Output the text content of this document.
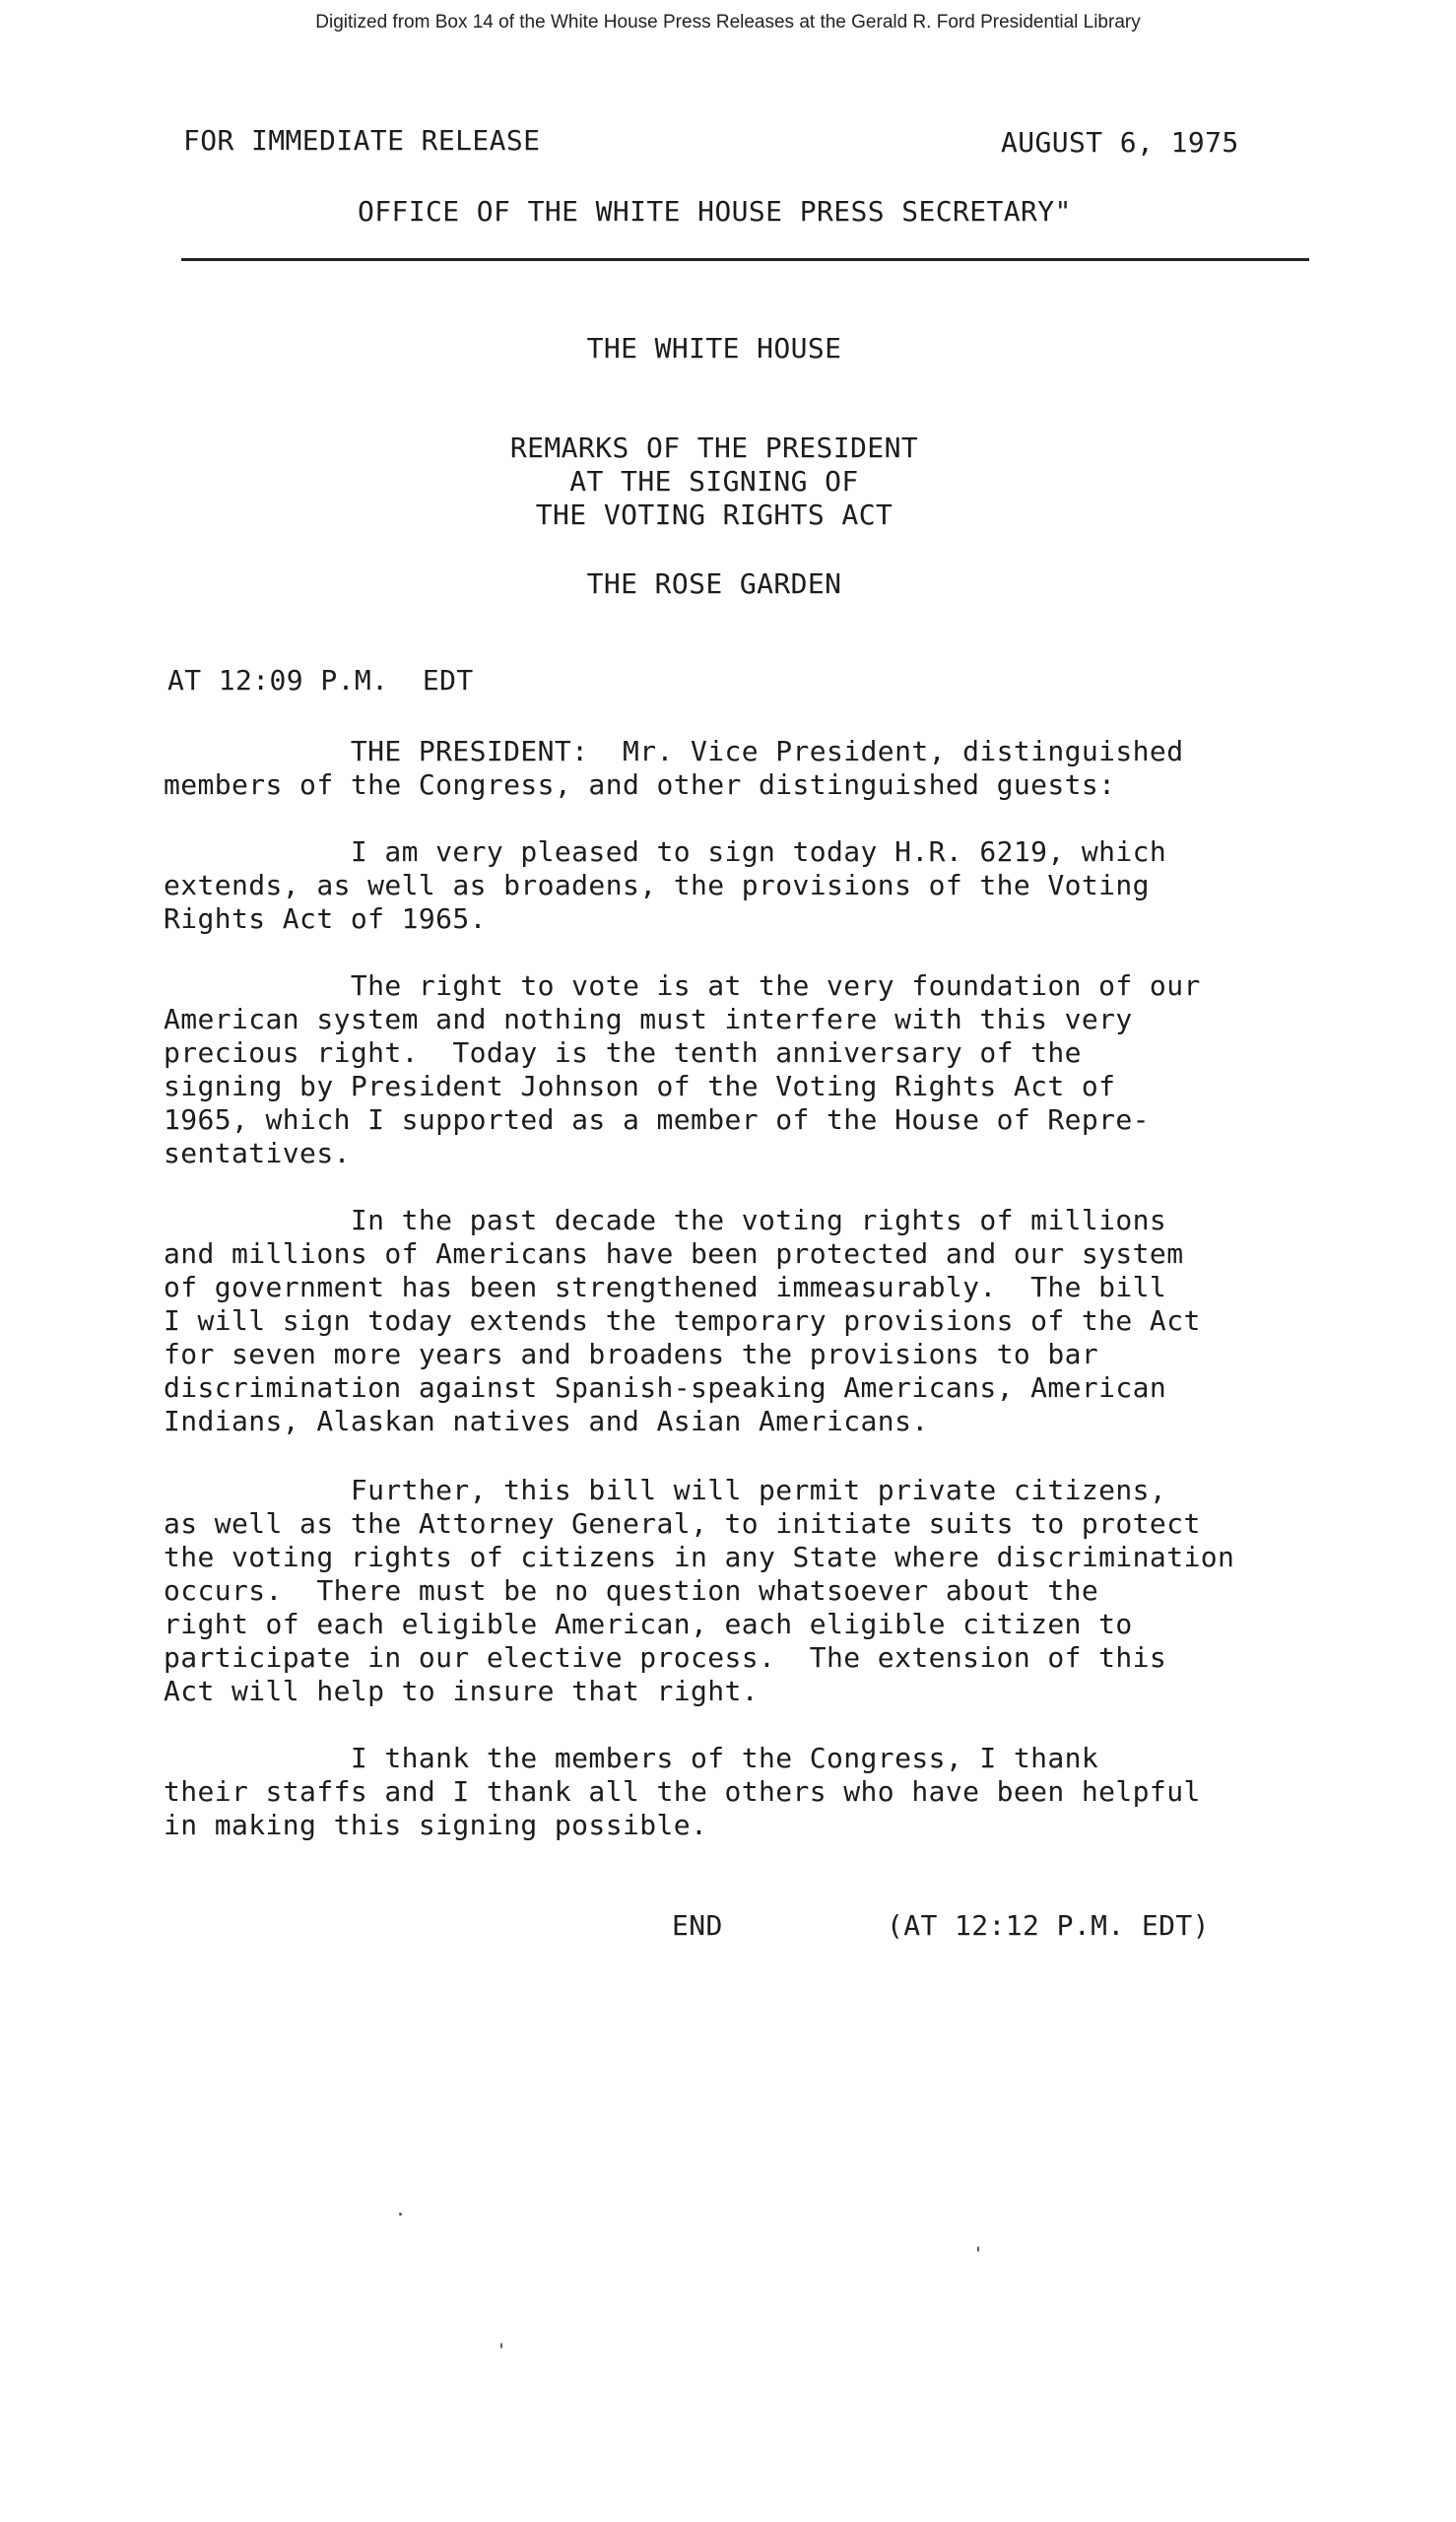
Digitized from Box 14 of the White House Press Releases at the Gerald R. Ford Presidential Library
FOR IMMEDIATE RELEASE	AUGUST 6, 1975
OFFICE OF THE WHITE HOUSE PRESS SECRETARY"
THE WHITE HOUSE
REMARKS OF THE PRESIDENT
AT THE SIGNING OF
THE VOTING RIGHTS ACT
THE ROSE GARDEN
AT 12:09 P.M.  EDT
THE PRESIDENT:  Mr. Vice President, distinguished
members of the Congress, and other distinguished guests:
I am very pleased to sign today H.R. 6219, which
extends, as well as broadens, the provisions of the Voting
Rights Act of 1965.
The right to vote is at the very foundation of our
American system and nothing must interfere with this very
precious right.  Today is the tenth anniversary of the
signing by President Johnson of the Voting Rights Act of
1965, which I supported as a member of the House of Repre-
sentatives.
In the past decade the voting rights of millions
and millions of Americans have been protected and our system
of government has been strengthened immeasurably.  The bill
I will sign today extends the temporary provisions of the Act
for seven more years and broadens the provisions to bar
discrimination against Spanish-speaking Americans, American
Indians, Alaskan natives and Asian Americans.
Further, this bill will permit private citizens,
as well as the Attorney General, to initiate suits to protect
the voting rights of citizens in any State where discrimination
occurs.  There must be no question whatsoever about the
right of each eligible American, each eligible citizen to
participate in our elective process.  The extension of this
Act will help to insure that right.
I thank the members of the Congress, I thank
their staffs and I thank all the others who have been helpful
in making this signing possible.
END	(AT 12:12 P.M. EDT)
